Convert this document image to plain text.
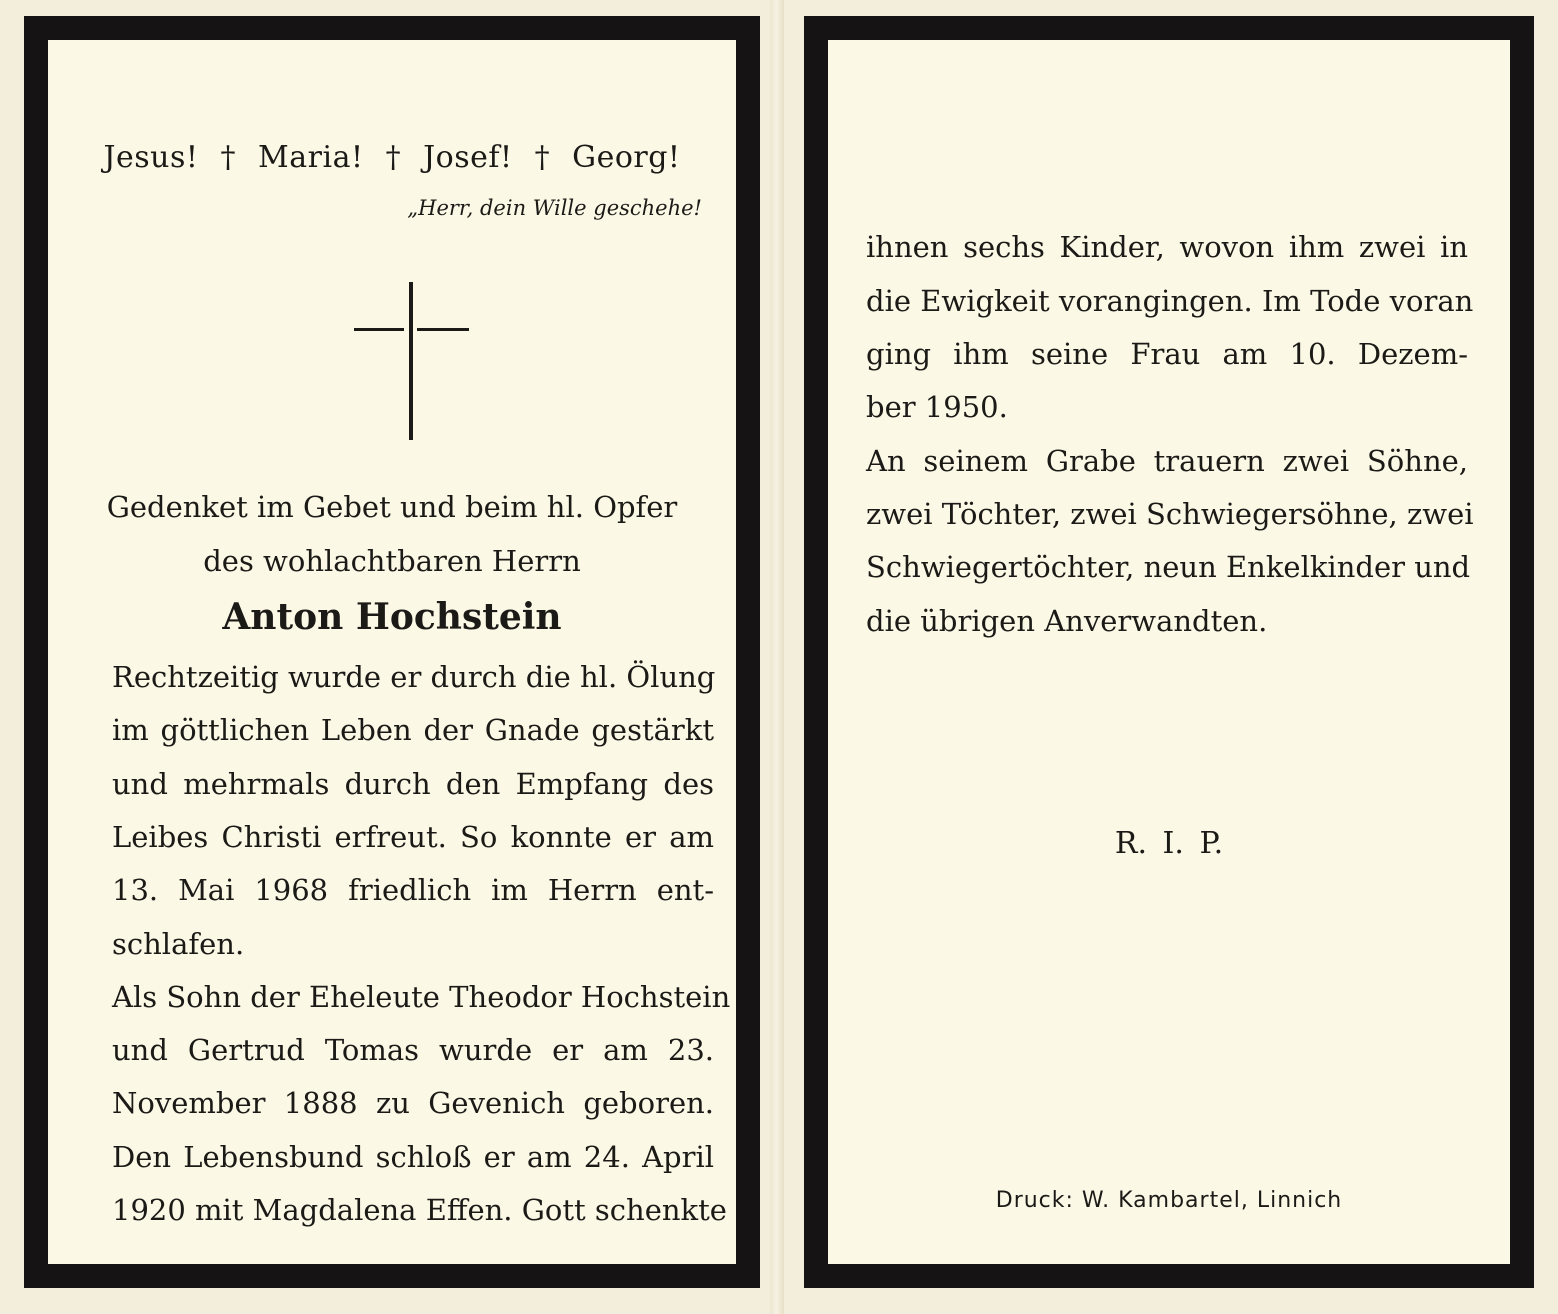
Jesus! † Maria! † Josef! † Georg!
„Herr, dein Wille geschehe!
Gedenket im Gebet und beim hl. Opfer
des wohlachtbaren Herrn
Anton Hochstein
Rechtzeitig wurde er durch die hl. Ölung
im göttlichen Leben der Gnade gestärkt
und mehrmals durch den Empfang des
Leibes Christi erfreut. So konnte er am
13. Mai 1968 friedlich im Herrn ent-
schlafen.
Als Sohn der Eheleute Theodor Hochstein
und Gertrud Tomas wurde er am 23.
November 1888 zu Gevenich geboren.
Den Lebensbund schloß er am 24. April
1920 mit Magdalena Effen. Gott schenkte
ihnen sechs Kinder, wovon ihm zwei in
die Ewigkeit vorangingen. Im Tode voran
ging ihm seine Frau am 10. Dezem-
ber 1950.
An seinem Grabe trauern zwei Söhne,
zwei Töchter, zwei Schwiegersöhne, zwei
Schwiegertöchter, neun Enkelkinder und
die übrigen Anverwandten.
R. I. P.
Druck: W. Kambartel, Linnich
